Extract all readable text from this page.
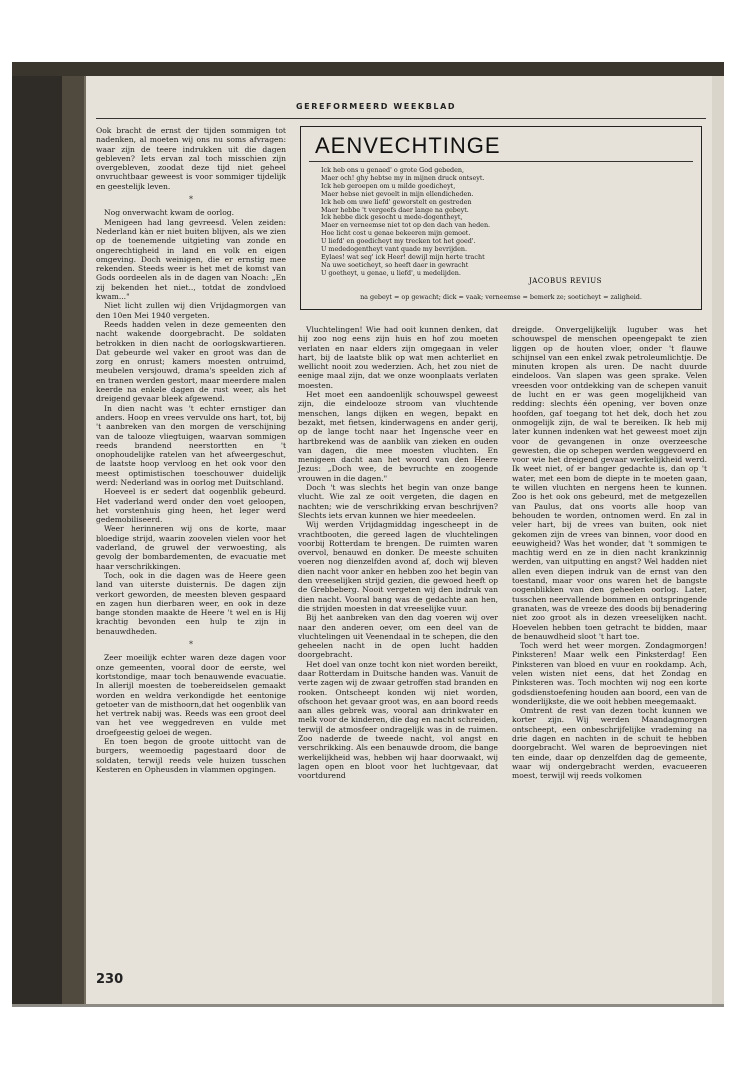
GEREFORMEERD WEEKBLAD
AENVECHTINGE
Ick heb ons u genaed' o grote God gebeden,
Maer och! ghy hebtse my in mijnen druck ontseyt.
Ick heb geroepen om u milde goedicheyt,
Maer hebse niet gevoelt in mijn ellendicheden.
Ick heb om uwe liefd' geworstelt en gestreden
Maer hebbe 't vergeefs daer lange na gebeyt.
Ick hebbe dick gesocht u mede-dogentheyt,
Maer en verneemse niet tot op den dach van heden.
Hoe licht cost u genae bekeeren mijn gemoet.
U liefd' en goedicheyt my trecken tot het goed'.
U mededogentheyt vant quade my bevrijden.
Eylaes! wat seg' ick Heer! dewijl mijn herte tracht
Na uwe soeticheyt, so heeft daer in gewracht
U goetheyt, u genae, u liefd', u medelijden.
JACOBUS REVIUS
na gebeyt = op gewacht; dick = vaak; verneemse = bemerk ze; soeticheyt = zaligheid.

Ook bracht de ernst der tijden sommigen tot nadenken, al moeten wij ons nu soms afvragen: waar zijn de teere indrukken uit die dagen gebleven? Iets ervan zal toch misschien zijn overgebleven, zoodat deze tijd niet geheel onvruchtbaar geweest is voor sommiger tijdelijk en geestelijk leven.

*

Nog onverwacht kwam de oorlog.

Menigeen had lang gevreesd. Velen zeiden: Nederland kàn er niet buiten blijven, als we zien op de toenemende uitgieting van zonde en ongerechtigheid in land en volk en eigen omgeving. Doch weinigen, die er ernstig mee rekenden. Steeds weer is het met de komst van Gods oordeelen als in de dagen van Noach: „En zij bekenden het niet.., totdat de zondvloed kwam..."

Niet licht zullen wij dien Vrijdagmorgen van den 10en Mei 1940 vergeten.

Reeds hadden velen in deze gemeenten den nacht wakende doorgebracht. De soldaten betrokken in dien nacht de oorlogskwartieren. Dat gebeurde wel vaker en groot was dan de zorg en onrust; kamers moesten ontruimd, meubelen versjouwd, drama's speelden zich af en tranen werden gestort, maar meerdere malen keerde na enkele dagen de rust weer, als het dreigend gevaar bleek afgewend.

In dien nacht was 't echter ernstiger dan anders. Hoop en vrees vervulde ons hart, tot, bij 't aanbreken van den morgen de verschijning van de talooze vliegtuigen, waarvan sommigen reeds brandend neerstortten en 't onophoudelijke ratelen van het afweergeschut, de laatste hoop vervloog en het ook voor den meest optimistischen toeschouwer duidelijk werd: Nederland was in oorlog met Duitschland.

Hoeveel is er sedert dat oogenblik gebeurd. Het vaderland werd onder den voet geloopen, het vorstenhuis ging heen, het leger werd gedemobiliseerd.

Weer herinneren wij ons de korte, maar bloedige strijd, waarin zoovelen vielen voor het vaderland, de gruwel der verwoesting, als gevolg der bombardementen, de evacuatie met haar verschrikkingen.

Toch, ook in die dagen was de Heere geen land van uiterste duisternis. De dagen zijn verkort geworden, de meesten bleven gespaard en zagen hun dierbaren weer, en ook in deze bange stonden maakte de Heere 't wel en is Hij krachtig bevonden een hulp te zijn in benauwdheden.

*

Zeer moeilijk echter waren deze dagen voor onze gemeenten, vooral door de eerste, wel kortstondige, maar toch benauwende evacuatie. In allerijl moesten de toebereidselen gemaakt worden en weldra verkondigde het eentonige getoeter van de misthoorn,dat het oogenblik van het vertrek nabij was. Reeds was een groot deel van het vee weggedreven en vulde met droefgeestig geloei de wegen.

En toen begon de groote uittocht van de burgers, weemoedig pagestaard door de soldaten, terwijl reeds vele huizen tusschen Kesteren en Opheusden in vlammen opgingen.

Vluchtelingen! Wie had ooit kunnen denken, dat hij zoo nog eens zijn huis en hof zou moeten verlaten en naar elders zijn omgegaan in veler hart, bij de laatste blik op wat men achterliet en wellicht nooit zou wederzien. Ach, het zou niet de eenige maal zijn, dat we onze woonplaats verlaten moesten.

Het moet een aandoenlijk schouwspel geweest zijn, die eindelooze stroom van vluchtende menschen, langs dijken en wegen, bepakt en bezakt, met fietsen, kinderwagens en ander gerij, op de lange tocht naar het Ingensche veer en hartbrekend was de aanblik van zieken en ouden van dagen, die mee moesten vluchten. En menigeen dacht aan het woord van den Heere Jezus: „Doch wee, de bevruchte en zoogende vrouwen in die dagen."

Doch 't was slechts het begin van onze bange vlucht. Wie zal ze ooit vergeten, die dagen en nachten; wie de verschrikking ervan beschrijven? Slechts iets ervan kunnen we hier meedeelen.

Wij werden Vrijdagmiddag ingescheept in de vrachtbooten, die gereed lagen de vluchtelingen voorbij Rotterdam te brengen. De ruimten waren overvol, benauwd en donker. De meeste schuiten voeren nog dienzelfden avond af, doch wij bleven dien nacht voor anker en hebben zoo het begin van den vreeselijken strijd gezien, die gewoed heeft op de Grebbeberg. Nooit vergeten wij den indruk van dien nacht. Vooral bang was de gedachte aan hen, die strijden moesten in dat vreeselijke vuur.

Bij het aanbreken van den dag voeren wij over naar den anderen oever, om een deel van de vluchtelingen uit Veenendaal in te schepen, die den geheelen nacht in de open lucht hadden doorgebracht.

Het doel van onze tocht kon niet worden bereikt, daar Rotterdam in Duitsche handen was. Vanuit de verte zagen wij de zwaar getroffen stad branden en rooken. Ontscheept konden wij niet worden, ofschoon het gevaar groot was, en aan boord reeds aan alles gebrek was, vooral aan drinkwater en melk voor de kinderen, die dag en nacht schreiden, terwijl de atmosfeer ondragelijk was in de ruimen. Zoo naderde de tweede nacht, vol angst en verschrikking. Als een benauwde droom, die bange werkelijkheid was, hebben wij haar doorwaakt, wij lagen open en bloot voor het luchtgevaar, dat voortdurend

dreigde. Onvergelijkelijk luguber was het schouwspel de menschen opeengepakt te zien liggen op de houten vloer, onder 't flauwe schijnsel van een enkel zwak petroleumlichtje. De minuten kropen als uren. De nacht duurde eindeloos. Van slapen was geen sprake. Velen vreesden voor ontdekking van de schepen vanuit de lucht en er was geen mogelijkheid van redding: slechts één opening, ver boven onze hoofden, gaf toegang tot het dek, doch het zou onmogelijk zijn, de wal te bereiken. Ik heb mij later kunnen indenken wat het geweest moet zijn voor de gevangenen in onze overzeesche gewesten, die op schepen werden weggevoerd en voor wie het dreigend gevaar werkelijkheid werd. Ik weet niet, of er banger gedachte is, dan op 't water, met een bom de diepte in te moeten gaan, te willen vluchten en nergens heen te kunnen. Zoo is het ook ons gebeurd, met de metgezellen van Paulus, dat ons voorts alle hoop van behouden te worden, ontnomen werd. En zal in veler hart, bij de vrees van buiten, ook niet gekomen zijn de vrees van binnen, voor dood en eeuwigheid? Was het wonder, dat 't sommigen te machtig werd en ze in dien nacht krankzinnig werden, van uitputting en angst? Wel hadden niet allen even diepen indruk van de ernst van den toestand, maar voor ons waren het de bangste oogenblikken van den geheelen oorlog. Later, tusschen neervallende bommen en ontspringende granaten, was de vreeze des doods bij benadering niet zoo groot als in dezen vreeselijken nacht. Hoevelen hebben toen getracht te bidden, maar de benauwdheid sloot 't hart toe.

Toch werd het weer morgen. Zondagmorgen! Pinksteren! Maar welk een Pinksterdag! Een Pinksteren van bloed en vuur en rookdamp. Ach, velen wisten niet eens, dat het Zondag en Pinksteren was. Toch mochten wij nog een korte godsdienstoefening houden aan boord, een van de wonderlijkste, die we ooit hebben meegemaakt.

Omtrent de rest van dezen tocht kunnen we korter zijn. Wij werden Maandagmorgen ontscheept, een onbeschrijfelijke vrademing na drie dagen en nachten in de schuit te hebben doorgebracht. Wel waren de beproevingen niet ten einde, daar op denzelfden dag de gemeente, waar wij ondergebracht werden, evacueeren moest, terwijl wij reeds volkomen

230
